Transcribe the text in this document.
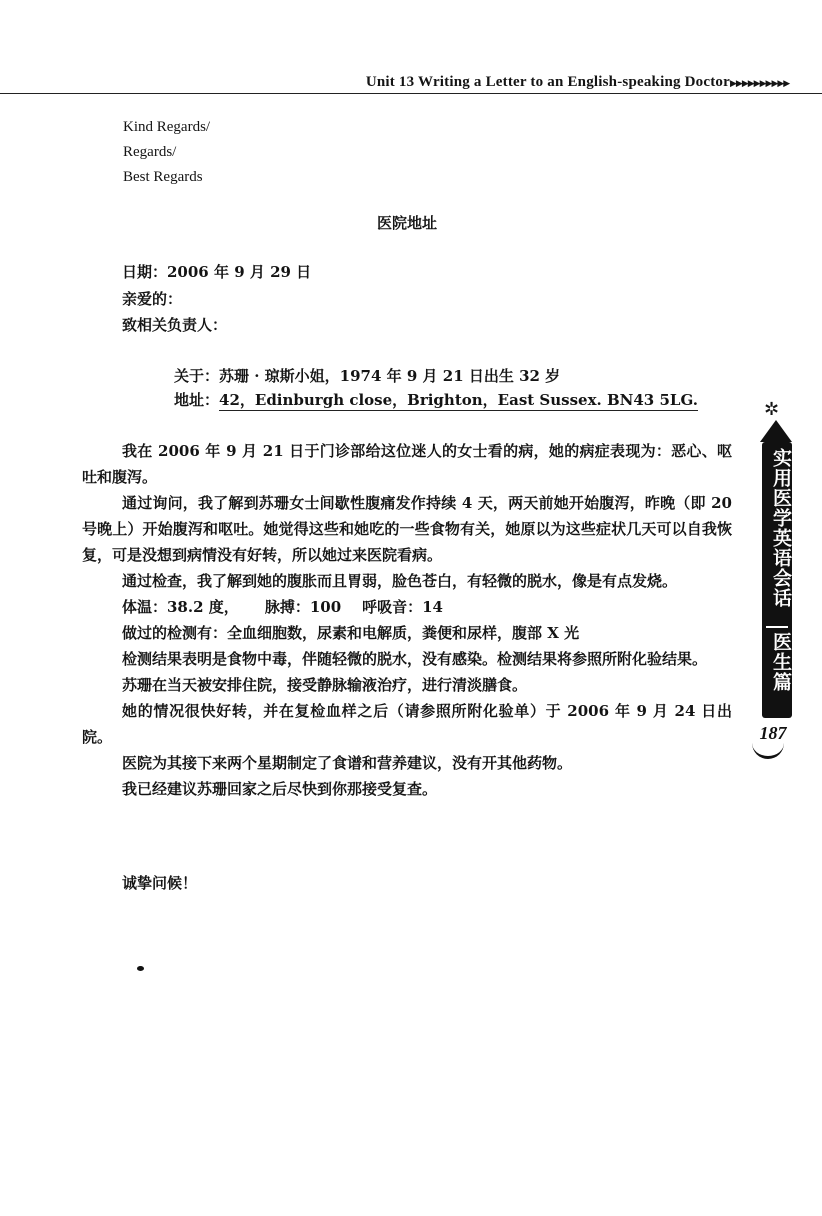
Unit 13 Writing a Letter to an English-speaking Doctor ▶▶▶▶▶▶▶▶▶▶
Kind Regards/
Regards/
Best Regards
医院地址
日期：2006 年 9 月 29 日
亲爱的：
致相关负责人：
关于：苏珊 · 琼斯小姐，1974 年 9 月 21 日出生 32 岁
地址：42，Edinburgh close，Brighton，East Sussex. BN43 5LG.

我在 2006 年 9 月 21 日于门诊部给这位迷人的女士看的病，她的病症表现为：恶心、呕吐和腹泻。

通过询问，我了解到苏珊女士间歇性腹痛发作持续 4 天，两天前她开始腹泻，昨晚（即 20 号晚上）开始腹泻和呕吐。她觉得这些和她吃的一些食物有关，她原以为这些症状几天可以自我恢复，可是没想到病情没有好转，所以她过来医院看病。

通过检查，我了解到她的腹胀而且胃弱，脸色苍白，有轻微的脱水，像是有点发烧。

体温：38.2 度，     脉搏：100    呼吸音：14

做过的检测有：全血细胞数，尿素和电解质，粪便和尿样，腹部 X 光

检测结果表明是食物中毒，伴随轻微的脱水，没有感染。检测结果将参照所附化验结果。

苏珊在当天被安排住院，接受静脉输液治疗，进行清淡膳食。

她的情况很快好转，并在复检血样之后（请参照所附化验单）于 2006 年 9 月 24 日出院。

医院为其接下来两个星期制定了食谱和营养建议，没有开其他药物。

我已经建议苏珊回家之后尽快到你那接受复查。

诚挚问候！
✲
实用医学英语会话
医生篇
187
